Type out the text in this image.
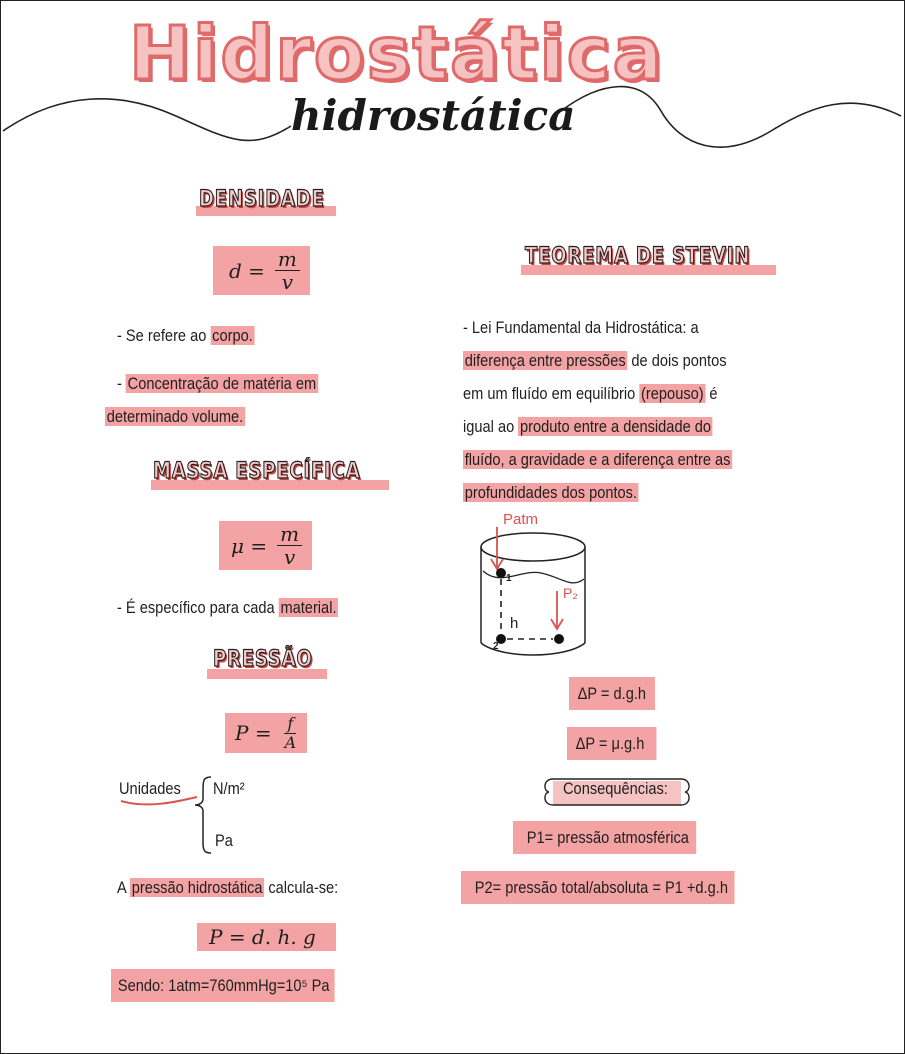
Hidrostática
hidrostática
DENSIDADE
$d = \frac{m}{v}$
- Se refere ao corpo.
- Concentração de matéria em
determinado volume.
MASSA ESPECÍFICA
$\mu = \frac{m}{v}$
- É específico para cada material.
PRESSÃO
$P = \frac{f}{A}$
Unidades N/m²
Pa
A pressão hidrostática calcula-se:
P = d. h. g
Sendo: 1atm=760mmHg=10⁵ Pa
TEOREMA DE STEVIN
- Lei Fundamental da Hidrostática: a
diferença entre pressões de dois pontos
em um fluído em equilíbrio (repouso) é
igual ao produto entre a densidade do
fluído, a gravidade e a diferença entre as
profundidades dos pontos.
Patm
P₂
h
1
2
ΔP = d.g.h
ΔP = μ.g.h
Consequências:
P1= pressão atmosférica
P2= pressão total/absoluta = P1 +d.g.h
